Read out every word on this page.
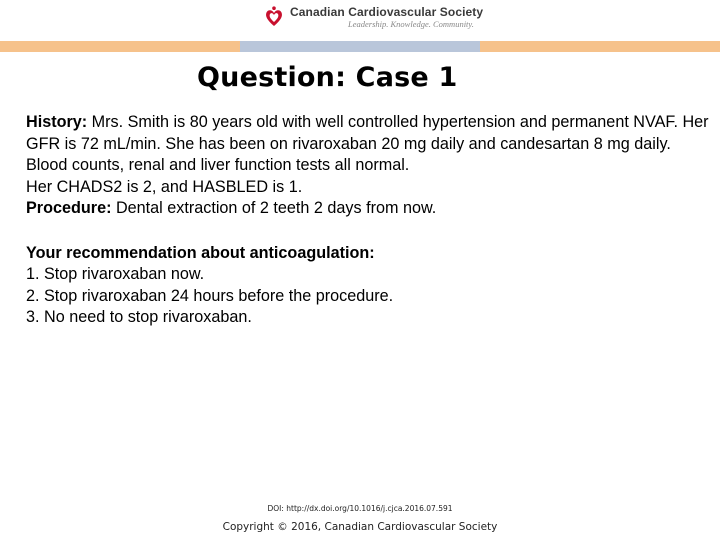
Canadian Cardiovascular Society
Leadership. Knowledge. Community.
Question: Case 1

History: Mrs. Smith is 80 years old with well controlled hypertension and permanent NVAF. Her GFR is 72 mL/min. She has been on rivaroxaban 20 mg daily and candesartan 8 mg daily. Blood counts, renal and liver function tests all normal.

Her CHADS2 is 2, and HASBLED is 1.

Procedure: Dental extraction of 2 teeth 2 days from now.

Your recommendation about anticoagulation:

1. Stop rivaroxaban now.

2. Stop rivaroxaban 24 hours before the procedure.

3. No need to stop rivaroxaban.

DOI: http://dx.doi.org/10.1016/j.cjca.2016.07.591
Copyright © 2016, Canadian Cardiovascular Society
